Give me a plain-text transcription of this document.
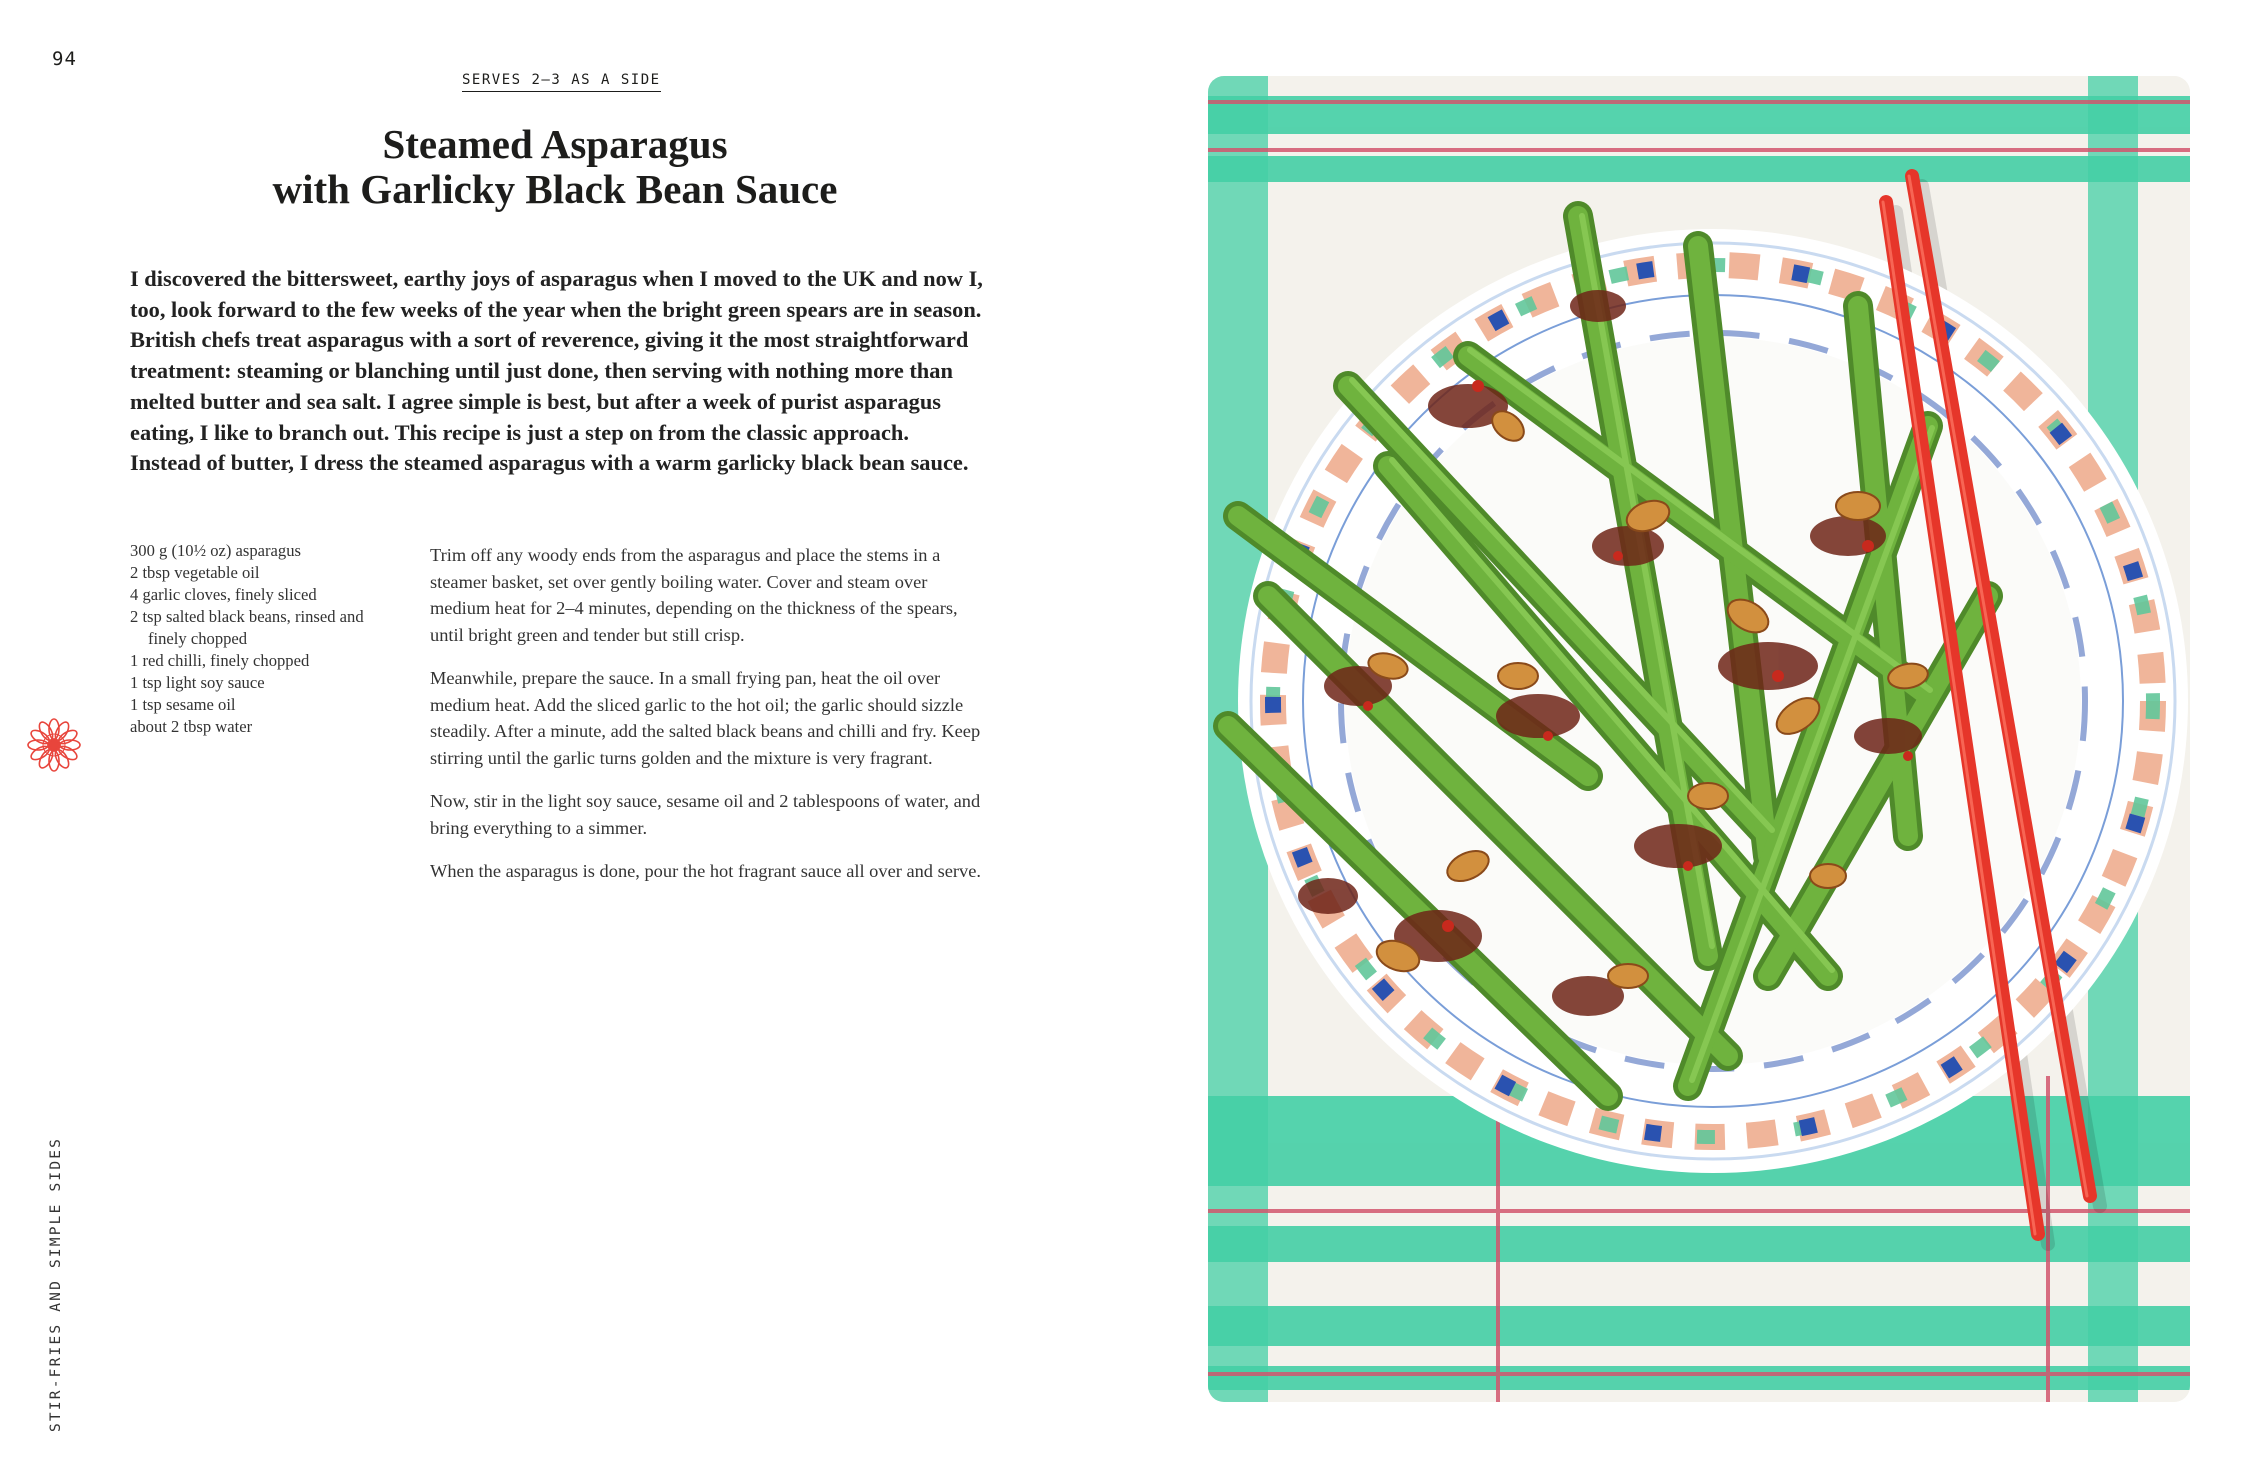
94
SERVES 2–3 AS A SIDE
Steamed Asparagus
with Garlicky Black Bean Sauce

I discovered the bittersweet, earthy joys of asparagus when I moved to the UK and now I, too, look forward to the few weeks of the year when the bright green spears are in season. British chefs treat asparagus with a sort of reverence, giving it the most straightforward treatment: steaming or blanching until just done, then serving with nothing more than melted butter and sea salt. I agree simple is best, but after a week of purist asparagus eating, I like to branch out. This recipe is just a step on from the classic approach. Instead of butter, I dress the steamed asparagus with a warm garlicky black bean sauce.

300 g (10½ oz) asparagus
2 tbsp vegetable oil
4 garlic cloves, finely sliced
2 tsp salted black beans, rinsed and finely chopped
1 red chilli, finely chopped
1 tsp light soy sauce
1 tsp sesame oil
about 2 tbsp water

Trim off any woody ends from the asparagus and place the stems in a steamer basket, set over gently boiling water. Cover and steam over medium heat for 2–4 minutes, depending on the thickness of the spears, until bright green and tender but still crisp.

Meanwhile, prepare the sauce. In a small frying pan, heat the oil over medium heat. Add the sliced garlic to the hot oil; the garlic should sizzle steadily. After a minute, add the salted black beans and chilli and fry. Keep stirring until the garlic turns golden and the mixture is very fragrant.

Now, stir in the light soy sauce, sesame oil and 2 tablespoons of water, and bring everything to a simmer.

When the asparagus is done, pour the hot fragrant sauce all over and serve.

STIR-FRIES AND SIMPLE SIDES
